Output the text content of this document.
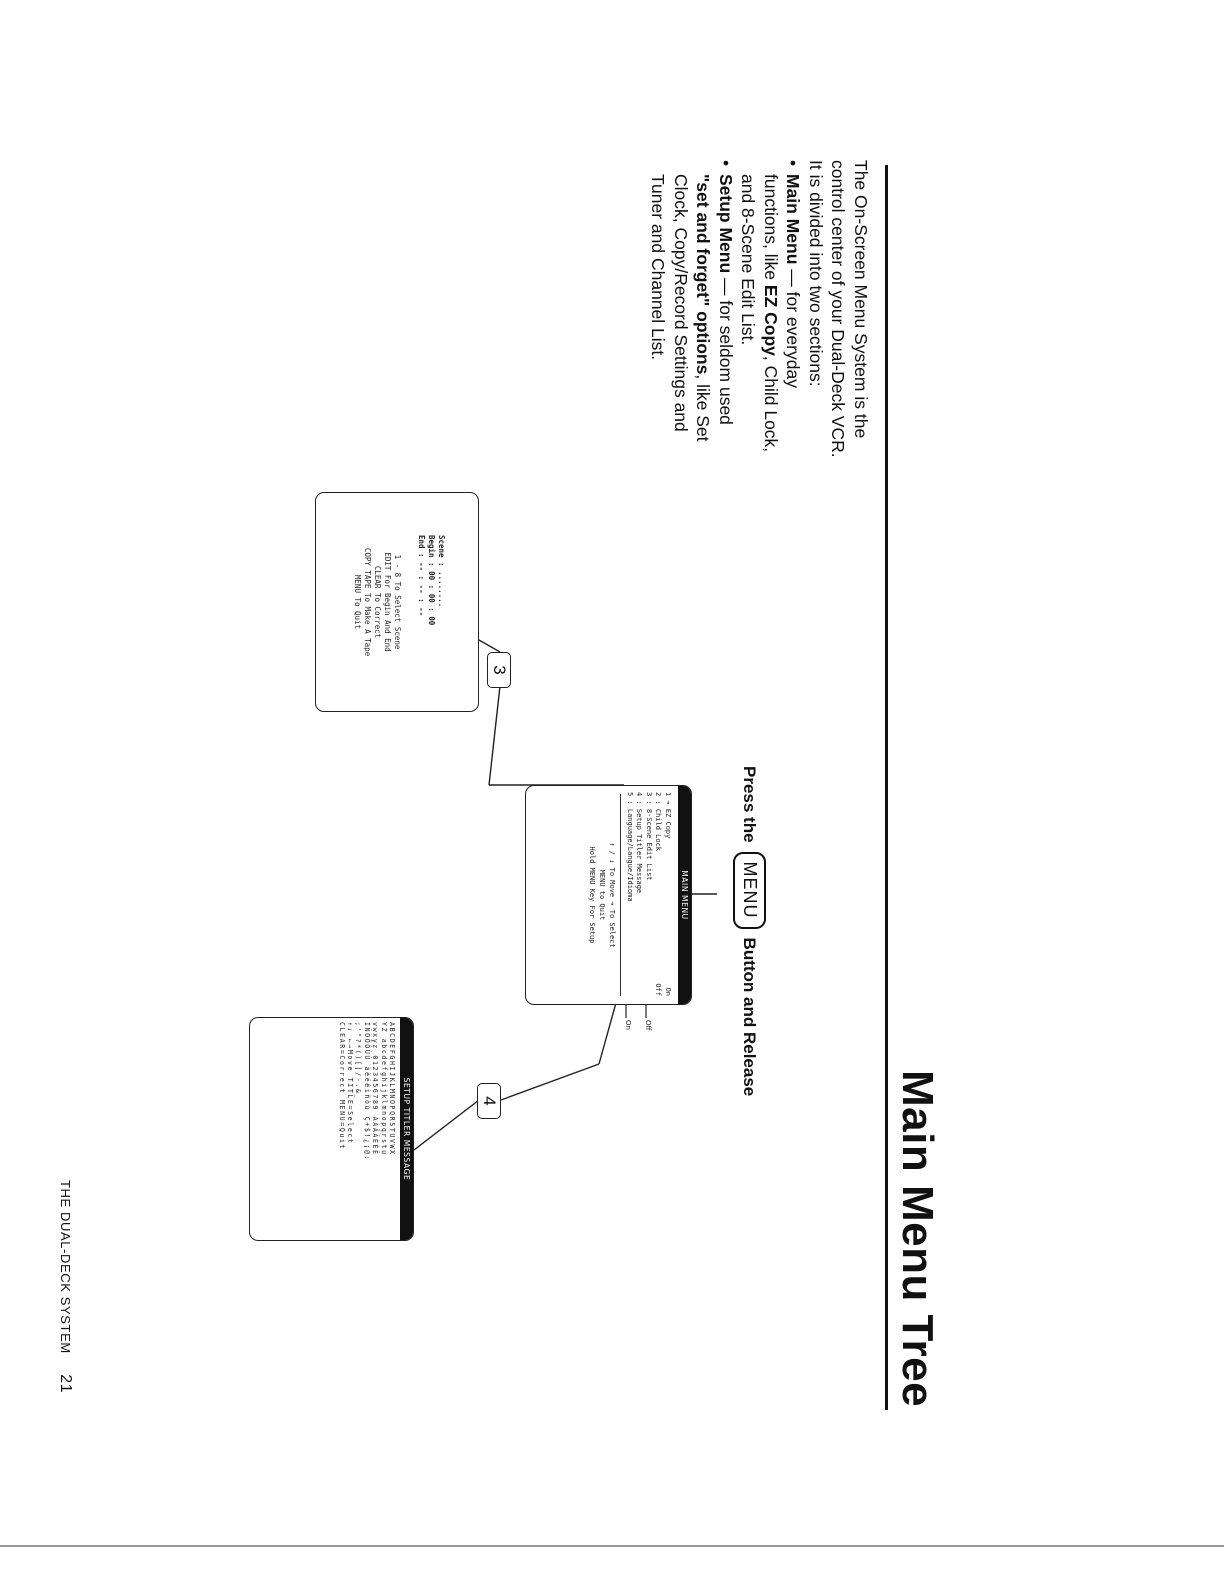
Main Menu Tree

The On-Screen Menu System is the control center of your Dual-Deck VCR. It is divided into two sections:

• Main Menu — for everyday functions, like EZ Copy, Child Lock, and 8-Scene Edit List.
• Setup Menu — for seldom used "set and forget" options, like Set Clock, Copy/Record Settings and Tuner and Channel List.
Press the
MENU
Button and Release
3
4
MAIN MENU
1 ➔ EZ Copy
On
2 : Child Lock
Off
3 : 8-Scene Edit List
4 : Setup Titler Message
5 : Language/Langue/Idioma
↑ / ↓ To Move ➔ To Select
MENU to Quit
Hold MENU Key For Setup
Off
On
Scene : ........
Begin : 00 : 00 : 00
End : -- : -- : --
1 - 8 To Select Scene
EDIT For Begin And End
CLEAR To Correct
COPY TAPE To Make A Tape
MENU To Quit
SETUP TITLER MESSAGE
ABCDEFGHIJKLMNOPQRSTUVWX
YZ abcdefghijklmnopqrstu
vwxyz 0123456789 ÀÁÂÃÈÉÊ
ÌÑÒÓÔÙÚ àèéêìñòù Ç+$!¿¡@:
;'"?*()[]/-.&_
↑↓ ←→Move TITLE=Select
CLEAR=Correct MENU=Quit
THE DUAL-DECK SYSTEM  21
